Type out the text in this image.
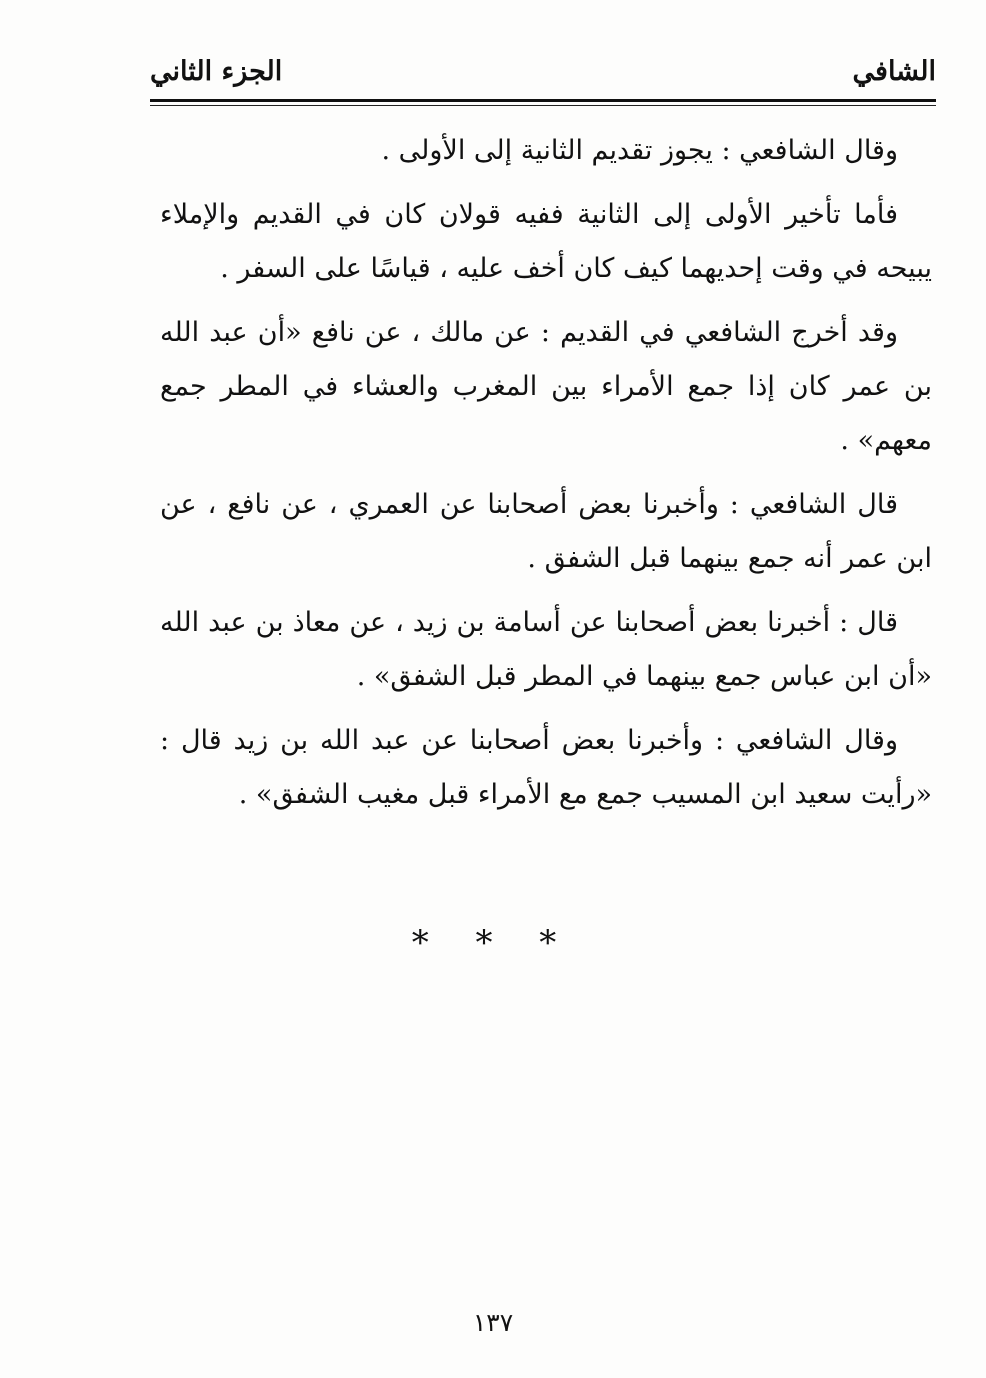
الشافي
الجزء الثاني

وقال الشافعي : يجوز تقديم الثانية إلى الأولى .

فأما تأخير الأولى إلى الثانية ففيه قولان كان في القديم والإملاء يبيحه في وقت إحديهما كيف كان أخف عليه ، قياسًا على السفر .

وقد أخرج الشافعي في القديم : عن مالك ، عن نافع «أن عبد الله بن عمر كان إذا جمع الأمراء بين المغرب والعشاء في المطر جمع معهم» .

قال الشافعي : وأخبرنا بعض أصحابنا عن العمري ، عن نافع ، عن ابن عمر أنه جمع بينهما قبل الشفق .

قال : أخبرنا بعض أصحابنا عن أسامة بن زيد ، عن معاذ بن عبد الله «أن ابن عباس جمع بينهما في المطر قبل الشفق» .

وقال الشافعي : وأخبرنا بعض أصحابنا عن عبد الله بن زيد قال : «رأيت سعيد ابن المسيب جمع مع الأمراء قبل مغيب الشفق» .

* * *
١٣٧
